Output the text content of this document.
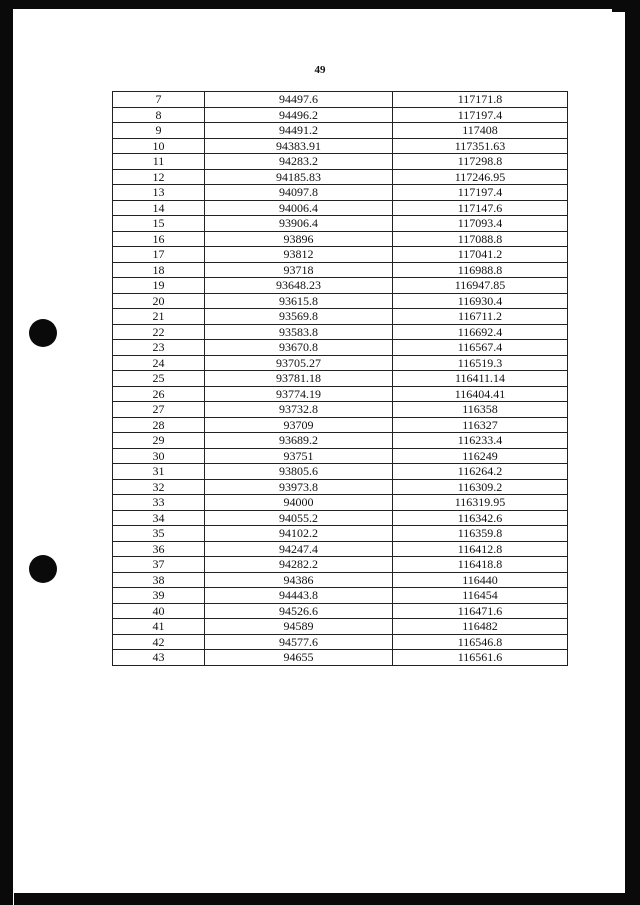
49
7	94497.6	117171.8
8	94496.2	117197.4
9	94491.2	117408
10	94383.91	117351.63
11	94283.2	117298.8
12	94185.83	117246.95
13	94097.8	117197.4
14	94006.4	117147.6
15	93906.4	117093.4
16	93896	117088.8
17	93812	117041.2
18	93718	116988.8
19	93648.23	116947.85
20	93615.8	116930.4
21	93569.8	116711.2
22	93583.8	116692.4
23	93670.8	116567.4
24	93705.27	116519.3
25	93781.18	116411.14
26	93774.19	116404.41
27	93732.8	116358
28	93709	116327
29	93689.2	116233.4
30	93751	116249
31	93805.6	116264.2
32	93973.8	116309.2
33	94000	116319.95
34	94055.2	116342.6
35	94102.2	116359.8
36	94247.4	116412.8
37	94282.2	116418.8
38	94386	116440
39	94443.8	116454
40	94526.6	116471.6
41	94589	116482
42	94577.6	116546.8
43	94655	116561.6
